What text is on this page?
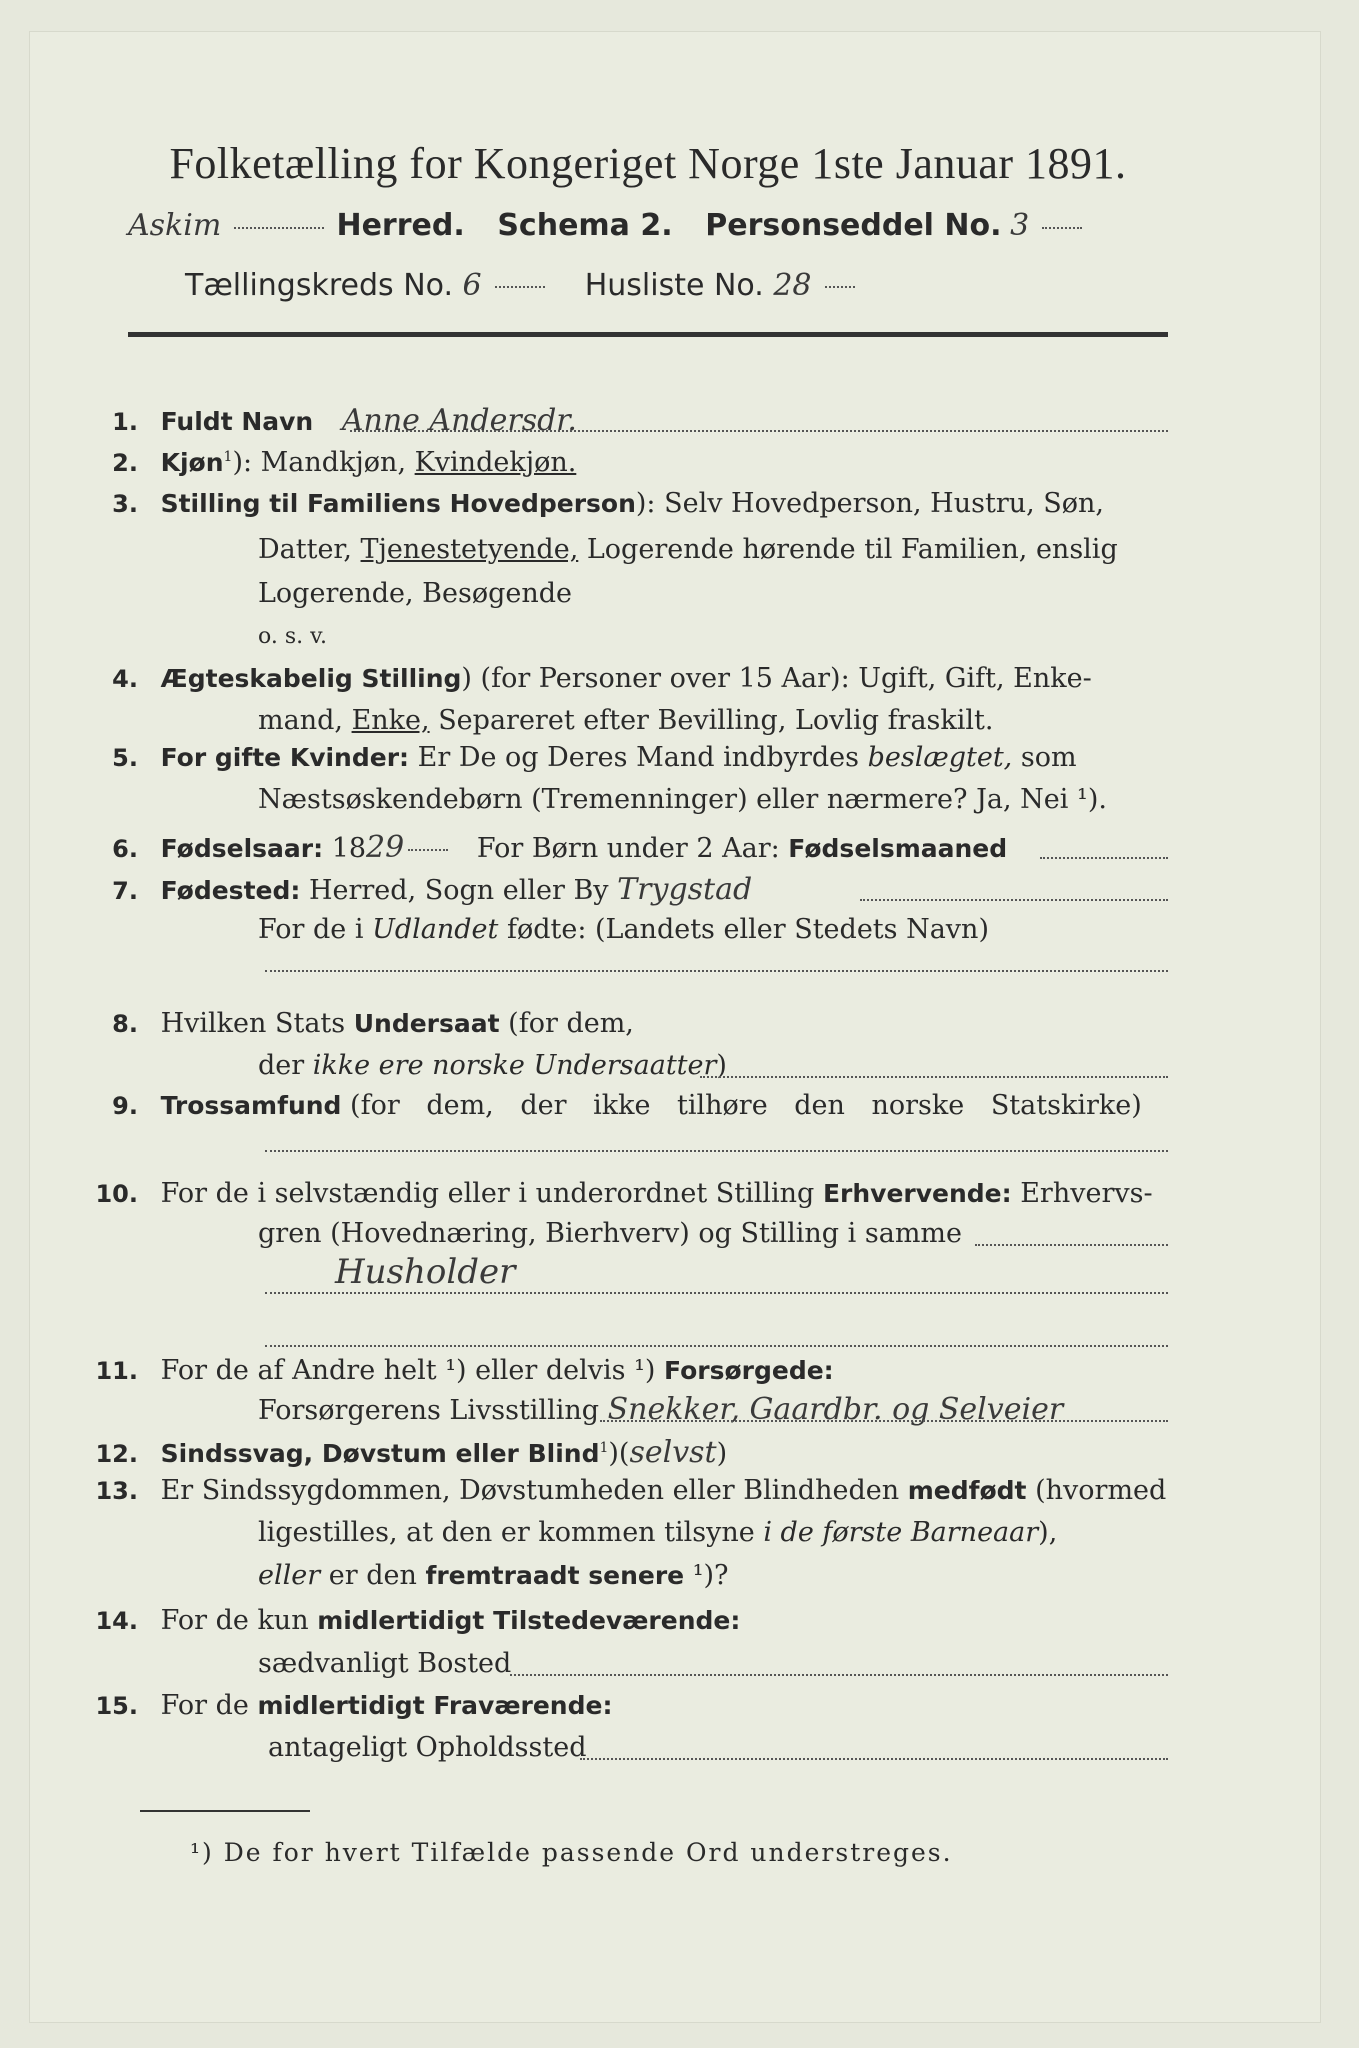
Folketælling for Kongeriget Norge 1ste Januar 1891.
Askim	Herred. Schema 2. Personseddel No. 3
Tællingskreds No. 6	Husliste No. 28
1. Fuldt Navn Anne Andersdr.
2. Kjøn$^1$): Mandkjøn, Kvindekjøn.
3. Stilling til Familiens Hovedperson): Selv Hovedperson, Hustru, Søn,
Datter, Tjenestetyende, Logerende hørende til Familien, enslig
Logerende, Besøgende
o. s. v.
4. Ægteskabelig Stilling) (for Personer over 15 Aar): Ugift, Gift, Enke-
mand, Enke, Separeret efter Bevilling, Lovlig fraskilt.
5. For gifte Kvinder: Er De og Deres Mand indbyrdes beslægtet, som
Næstsøskendebørn (Tremenninger) eller nærmere? Ja, Nei ¹).
6. Fødselsaar: 1829	For Børn under 2 Aar: Fødselsmaaned
7. Fødested: Herred, Sogn eller By Trygstad
For de i Udlandet fødte: (Landets eller Stedets Navn)
8. Hvilken Stats Undersaat (for dem,
der ikke ere norske Undersaatter)
9. Trossamfund (for dem, der ikke tilhøre den norske Statskirke)
10. For de i selvstændig eller i underordnet Stilling Erhvervende: Erhvervs-
gren (Hovednæring, Bierhverv) og Stilling i samme
Husholder
11. For de af Andre helt ¹) eller delvis ¹) Forsørgede:
Forsørgerens Livsstilling Snekker, Gaardbr. og Selveier
12. Sindssvag, Døvstum eller Blind$^1$)(selvst)
13. Er Sindssygdommen, Døvstumheden eller Blindheden medfødt (hvormed
ligestilles, at den er kommen tilsyne i de første Barneaar),
eller er den fremtraadt senere ¹)?
14. For de kun midlertidigt Tilstedeværende:
sædvanligt Bosted
15. For de midlertidigt Fraværende:
antageligt Opholdssted
¹) De for hvert Tilfælde passende Ord understreges.
